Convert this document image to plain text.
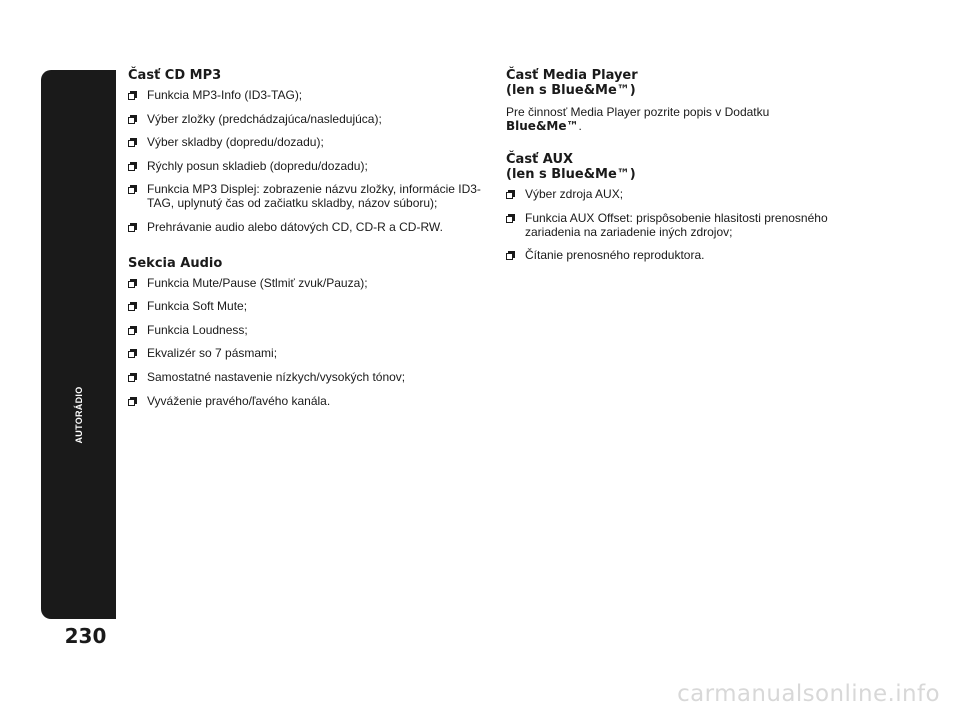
AUTORÁDIO
230
Časť CD MP3
Funkcia MP3-Info (ID3-TAG);
Výber zložky (predchádzajúca/nasledujúca);
Výber skladby (dopredu/dozadu);
Rýchly posun skladieb (dopredu/dozadu);
Funkcia MP3 Displej: zobrazenie názvu zložky, informácie ID3-TAG, uplynutý čas od začiatku skladby, názov súboru);
Prehrávanie audio alebo dátových CD, CD-R a CD-RW.
Sekcia Audio
Funkcia Mute/Pause (Stlmiť zvuk/Pauza);
Funkcia Soft Mute;
Funkcia Loudness;
Ekvalizér so 7 pásmami;
Samostatné nastavenie nízkych/vysokých tónov;
Vyváženie pravého/ľavého kanála.
Časť Media Player
(len s Blue&Me™)

Pre činnosť Media Player pozrite popis v Dodatku
Blue&Me™.

Časť AUX
(len s Blue&Me™)
Výber zdroja AUX;
Funkcia AUX Offset: prispôsobenie hlasitosti prenosného zariadenia na zariadenie iných zdrojov;
Čítanie prenosného reproduktora.
carmanualsonline.info
